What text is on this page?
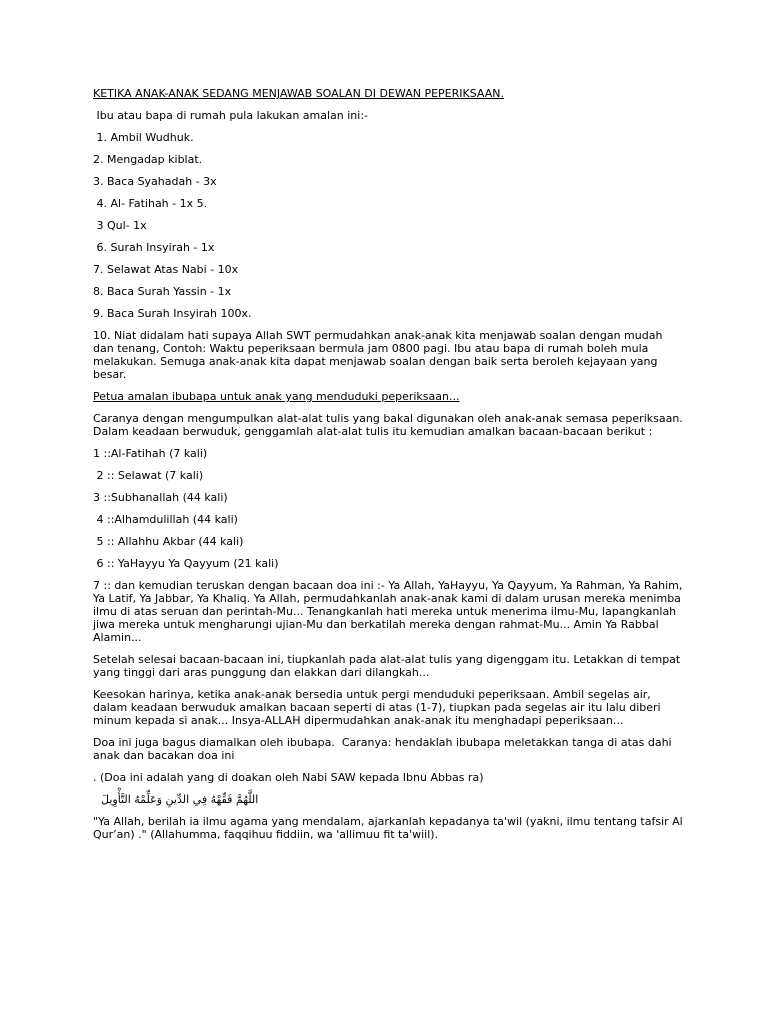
KETIKA ANAK-ANAK SEDANG MENJAWAB SOALAN DI DEWAN PEPERIKSAAN.

Ibu atau bapa di rumah pula lakukan amalan ini:-

1. Ambil Wudhuk.

2. Mengadap kiblat.

3. Baca Syahadah - 3x

4. Al- Fatihah - 1x 5.

3 Qul- 1x

6. Surah Insyirah - 1x

7. Selawat Atas Nabi - 10x

8. Baca Surah Yassin - 1x

9. Baca Surah Insyirah 100x.

10. Niat didalam hati supaya Allah SWT permudahkan anak-anak kita menjawab soalan dengan mudah dan tenang, Contoh: Waktu peperiksaan bermula jam 0800 pagi. Ibu atau bapa di rumah boleh mula melakukan. Semuga anak-anak kita dapat menjawab soalan dengan baik serta beroleh kejayaan yang besar.

Petua amalan ibubapa untuk anak yang menduduki peperiksaan...

Caranya dengan mengumpulkan alat-alat tulis yang bakal digunakan oleh anak-anak semasa peperiksaan. Dalam keadaan berwuduk, genggamlah alat-alat tulis itu kemudian amalkan bacaan-bacaan berikut :

1 ::Al-Fatihah (7 kali)

2 :: Selawat (7 kali)

3 ::Subhanallah (44 kali)

4 ::Alhamdulillah (44 kali)

5 :: Allahhu Akbar (44 kali)

6 :: YaHayyu Ya Qayyum (21 kali)

7 :: dan kemudian teruskan dengan bacaan doa ini :- Ya Allah, YaHayyu, Ya Qayyum, Ya Rahman, Ya Rahim, Ya Latif, Ya Jabbar, Ya Khaliq. Ya Allah, permudahkanlah anak-anak kami di dalam urusan mereka menimba ilmu di atas seruan dan perintah-Mu... Tenangkanlah hati mereka untuk menerima ilmu-Mu, lapangkanlah jiwa mereka untuk mengharungi ujian-Mu dan berkatilah mereka dengan rahmat-Mu... Amin Ya Rabbal Alamin...

Setelah selesai bacaan-bacaan ini, tiupkanlah pada alat-alat tulis yang digenggam itu. Letakkan di tempat yang tinggi dari aras punggung dan elakkan dari dilangkah...

Keesokan harinya, ketika anak-anak bersedia untuk pergi menduduki peperiksaan. Ambil segelas air, dalam keadaan berwuduk amalkan bacaan seperti di atas (1-7), tiupkan pada segelas air itu lalu diberi minum kepada si anak... Insya-ALLAH dipermudahkan anak-anak itu menghadapi peperiksaan...

Doa ini juga bagus diamalkan oleh ibubapa.  Caranya: hendaklah ibubapa meletakkan tanga di atas dahi anak dan bacakan doa ini

. (Doa ini adalah yang di doakan oleh Nabi SAW kepada Ibnu Abbas ra)

اللَّهُمَّ فَقِّهْهُ فِي الدِّينِ وَعَلِّمْهُ التَّأْوِيلَ

"Ya Allah, berilah ia ilmu agama yang mendalam, ajarkanlah kepadanya ta'wil (yakni, ilmu tentang tafsir Al Qur’an) ." (Allahumma, faqqihuu fiddiin, wa 'allimuu fit ta'wiil).
